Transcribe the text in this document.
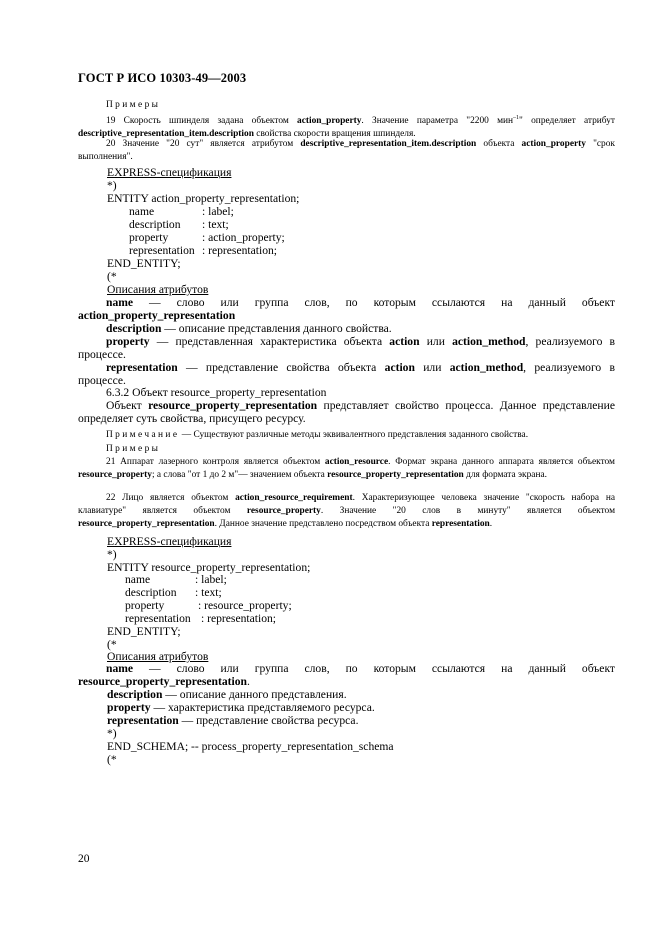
ГОСТ Р ИСО 10303-49—2003
Примеры
19 Скорость шпинделя задана объектом action_property. Значение параметра "2200 мин$^{-1}$" определяет атрибут descriptive_representation_item.description свойства скорости вращения шпинделя.
20 Значение "20 сут" является атрибутом descriptive_representation_item.description объекта action_property "срок выполнения".
EXPRESS-спецификация
*)
ENTITY action_property_representation;
name	: label;
description : text;
property	: action_property;
representation : representation;
END_ENTITY;
(*
Описания атрибутов
name — слово или группа слов, по которым ссылаются на данный объект action_property_representation
description — описание представления данного свойства.
property — представленная характеристика объекта action или action_method, реализуемого в процессе.
representation — представление свойства объекта action или action_method, реализуемого в процессе.
6.3.2 Объект resource_property_representation
Объект resource_property_representation представляет свойство процесса. Данное представление определяет суть свойства, присущего ресурсу.
Примечание — Существуют различные методы эквивалентного представления заданного свойства.
Примеры
21 Аппарат лазерного контроля является объектом action_resource. Формат экрана данного аппарата является объектом resource_property; а слова "от 1 до 2 м"— значением объекта resource_property_representation для формата экрана.
22 Лицо является объектом action_resource_requirement. Характеризующее человека значение "скорость набора на клавиатуре" является объектом resource_property. Значение "20 слов в минуту" является объектом resource_property_representation. Данное значение представлено посредством объекта representation.
EXPRESS-спецификация
*)
ENTITY resource_property_representation;
name	: label;
description : text;
property	: resource_property;
representation : representation;
END_ENTITY;
(*
Описания атрибутов
name — слово или группа слов, по которым ссылаются на данный объект resource_property_representation.
description — описание данного представления.
property — характеристика представляемого ресурса.
representation — представление свойства ресурса.
*)
END_SCHEMA; -- process_property_representation_schema
(*
20
